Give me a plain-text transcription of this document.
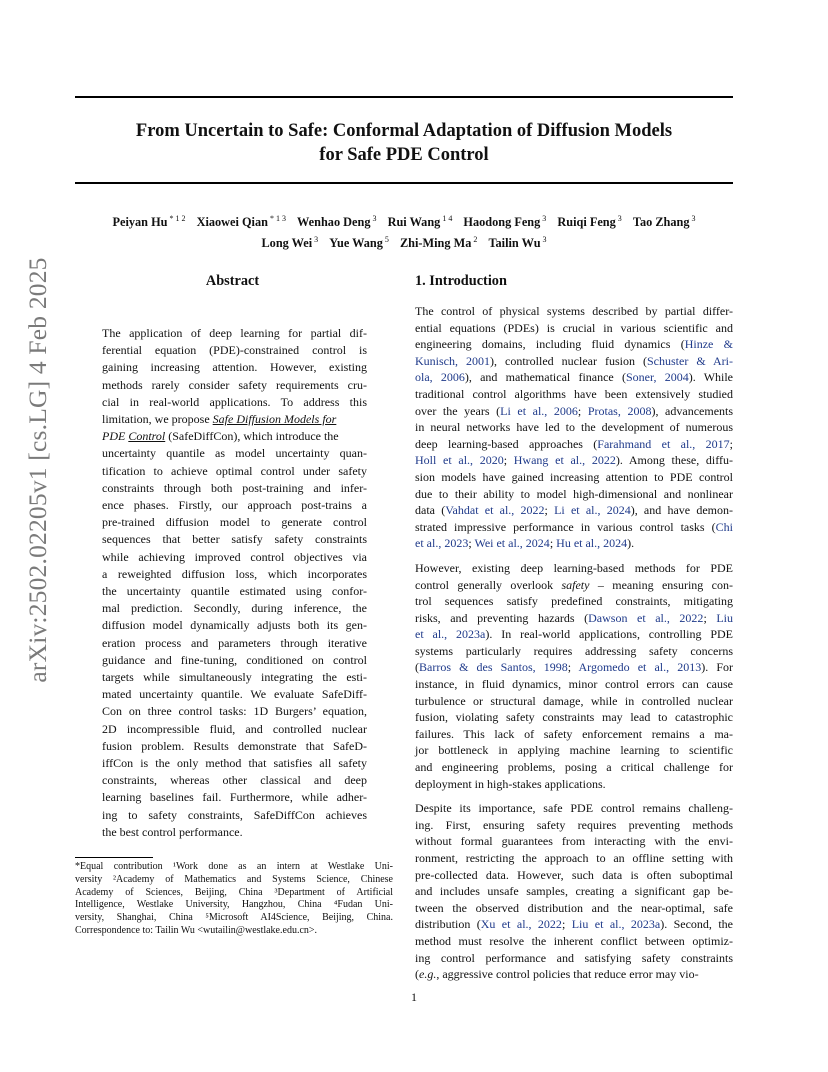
From Uncertain to Safe: Conformal Adaptation of Diffusion Models
for Safe PDE Control
Peiyan Hu $^{* 1 2}$ Xiaowei Qian $^{* 1 3}$ Wenhao Deng $^3$ Rui Wang $^{1 4}$ Haodong Feng $^3$ Ruiqi Feng $^3$ Tao Zhang $^3$
Long Wei $^3$ Yue Wang $^5$ Zhi-Ming Ma $^2$ Tailin Wu $^3$
arXiv:2502.02205v1 [cs.LG] 4 Feb 2025	Abstract
The application of deep learning for partial dif-
ferential equation (PDE)-constrained control is
gaining increasing attention. However, existing
methods rarely consider safety requirements cru-
cial in real-world applications. To address this
limitation, we propose Safe Diffusion Models for
PDE Control (SafeDiffCon), which introduce the
uncertainty quantile as model uncertainty quan-
tification to achieve optimal control under safety
constraints through both post-training and infer-
ence phases. Firstly, our approach post-trains a
pre-trained diffusion model to generate control
sequences that better satisfy safety constraints
while achieving improved control objectives via
a reweighted diffusion loss, which incorporates
the uncertainty quantile estimated using confor-
mal prediction. Secondly, during inference, the
diffusion model dynamically adjusts both its gen-
eration process and parameters through iterative
guidance and fine-tuning, conditioned on control
targets while simultaneously integrating the esti-
mated uncertainty quantile. We evaluate SafeDiff-
Con on three control tasks: 1D Burgers’ equation,
2D incompressible fluid, and controlled nuclear
fusion problem. Results demonstrate that SafeD-
iffCon is the only method that satisfies all safety
constraints, whereas other classical and deep
learning baselines fail. Furthermore, while adher-
ing to safety constraints, SafeDiffCon achieves
the best control performance.
*Equal contribution ¹Work done as an intern at Westlake Uni-
versity ²Academy of Mathematics and Systems Science, Chinese
Academy of Sciences, Beijing, China ³Department of Artificial
Intelligence, Westlake University, Hangzhou, China ⁴Fudan Uni-
versity, Shanghai, China ⁵Microsoft AI4Science, Beijing, China.
Correspondence to: Tailin Wu <wutailin@westlake.edu.cn>.
1. Introduction

The control of physical systems described by partial differ-
ential equations (PDEs) is crucial in various scientific and
engineering domains, including fluid dynamics (Hinze &
Kunisch, 2001), controlled nuclear fusion (Schuster & Ari-
ola, 2006), and mathematical finance (Soner, 2004). While
traditional control algorithms have been extensively studied
over the years (Li et al., 2006; Protas, 2008), advancements
in neural networks have led to the development of numerous
deep learning-based approaches (Farahmand et al., 2017;
Holl et al., 2020; Hwang et al., 2022). Among these, diffu-
sion models have gained increasing attention to PDE control
due to their ability to model high-dimensional and nonlinear
data (Vahdat et al., 2022; Li et al., 2024), and have demon-
strated impressive performance in various control tasks (Chi
et al., 2023; Wei et al., 2024; Hu et al., 2024).

However, existing deep learning-based methods for PDE
control generally overlook safety – meaning ensuring con-
trol sequences satisfy predefined constraints, mitigating
risks, and preventing hazards (Dawson et al., 2022; Liu
et al., 2023a). In real-world applications, controlling PDE
systems particularly requires addressing safety concerns
(Barros & des Santos, 1998; Argomedo et al., 2013). For
instance, in fluid dynamics, minor control errors can cause
turbulence or structural damage, while in controlled nuclear
fusion, violating safety constraints may lead to catastrophic
failures. This lack of safety enforcement remains a ma-
jor bottleneck in applying machine learning to scientific
and engineering problems, posing a critical challenge for
deployment in high-stakes applications.

Despite its importance, safe PDE control remains challeng-
ing. First, ensuring safety requires preventing methods
without formal guarantees from interacting with the envi-
ronment, restricting the approach to an offline setting with
pre-collected data. However, such data is often suboptimal
and includes unsafe samples, creating a significant gap be-
tween the observed distribution and the near-optimal, safe
distribution (Xu et al., 2022; Liu et al., 2023a). Second, the
method must resolve the inherent conflict between optimiz-
ing control performance and satisfying safety constraints
(e.g., aggressive control policies that reduce error may vio-

1
